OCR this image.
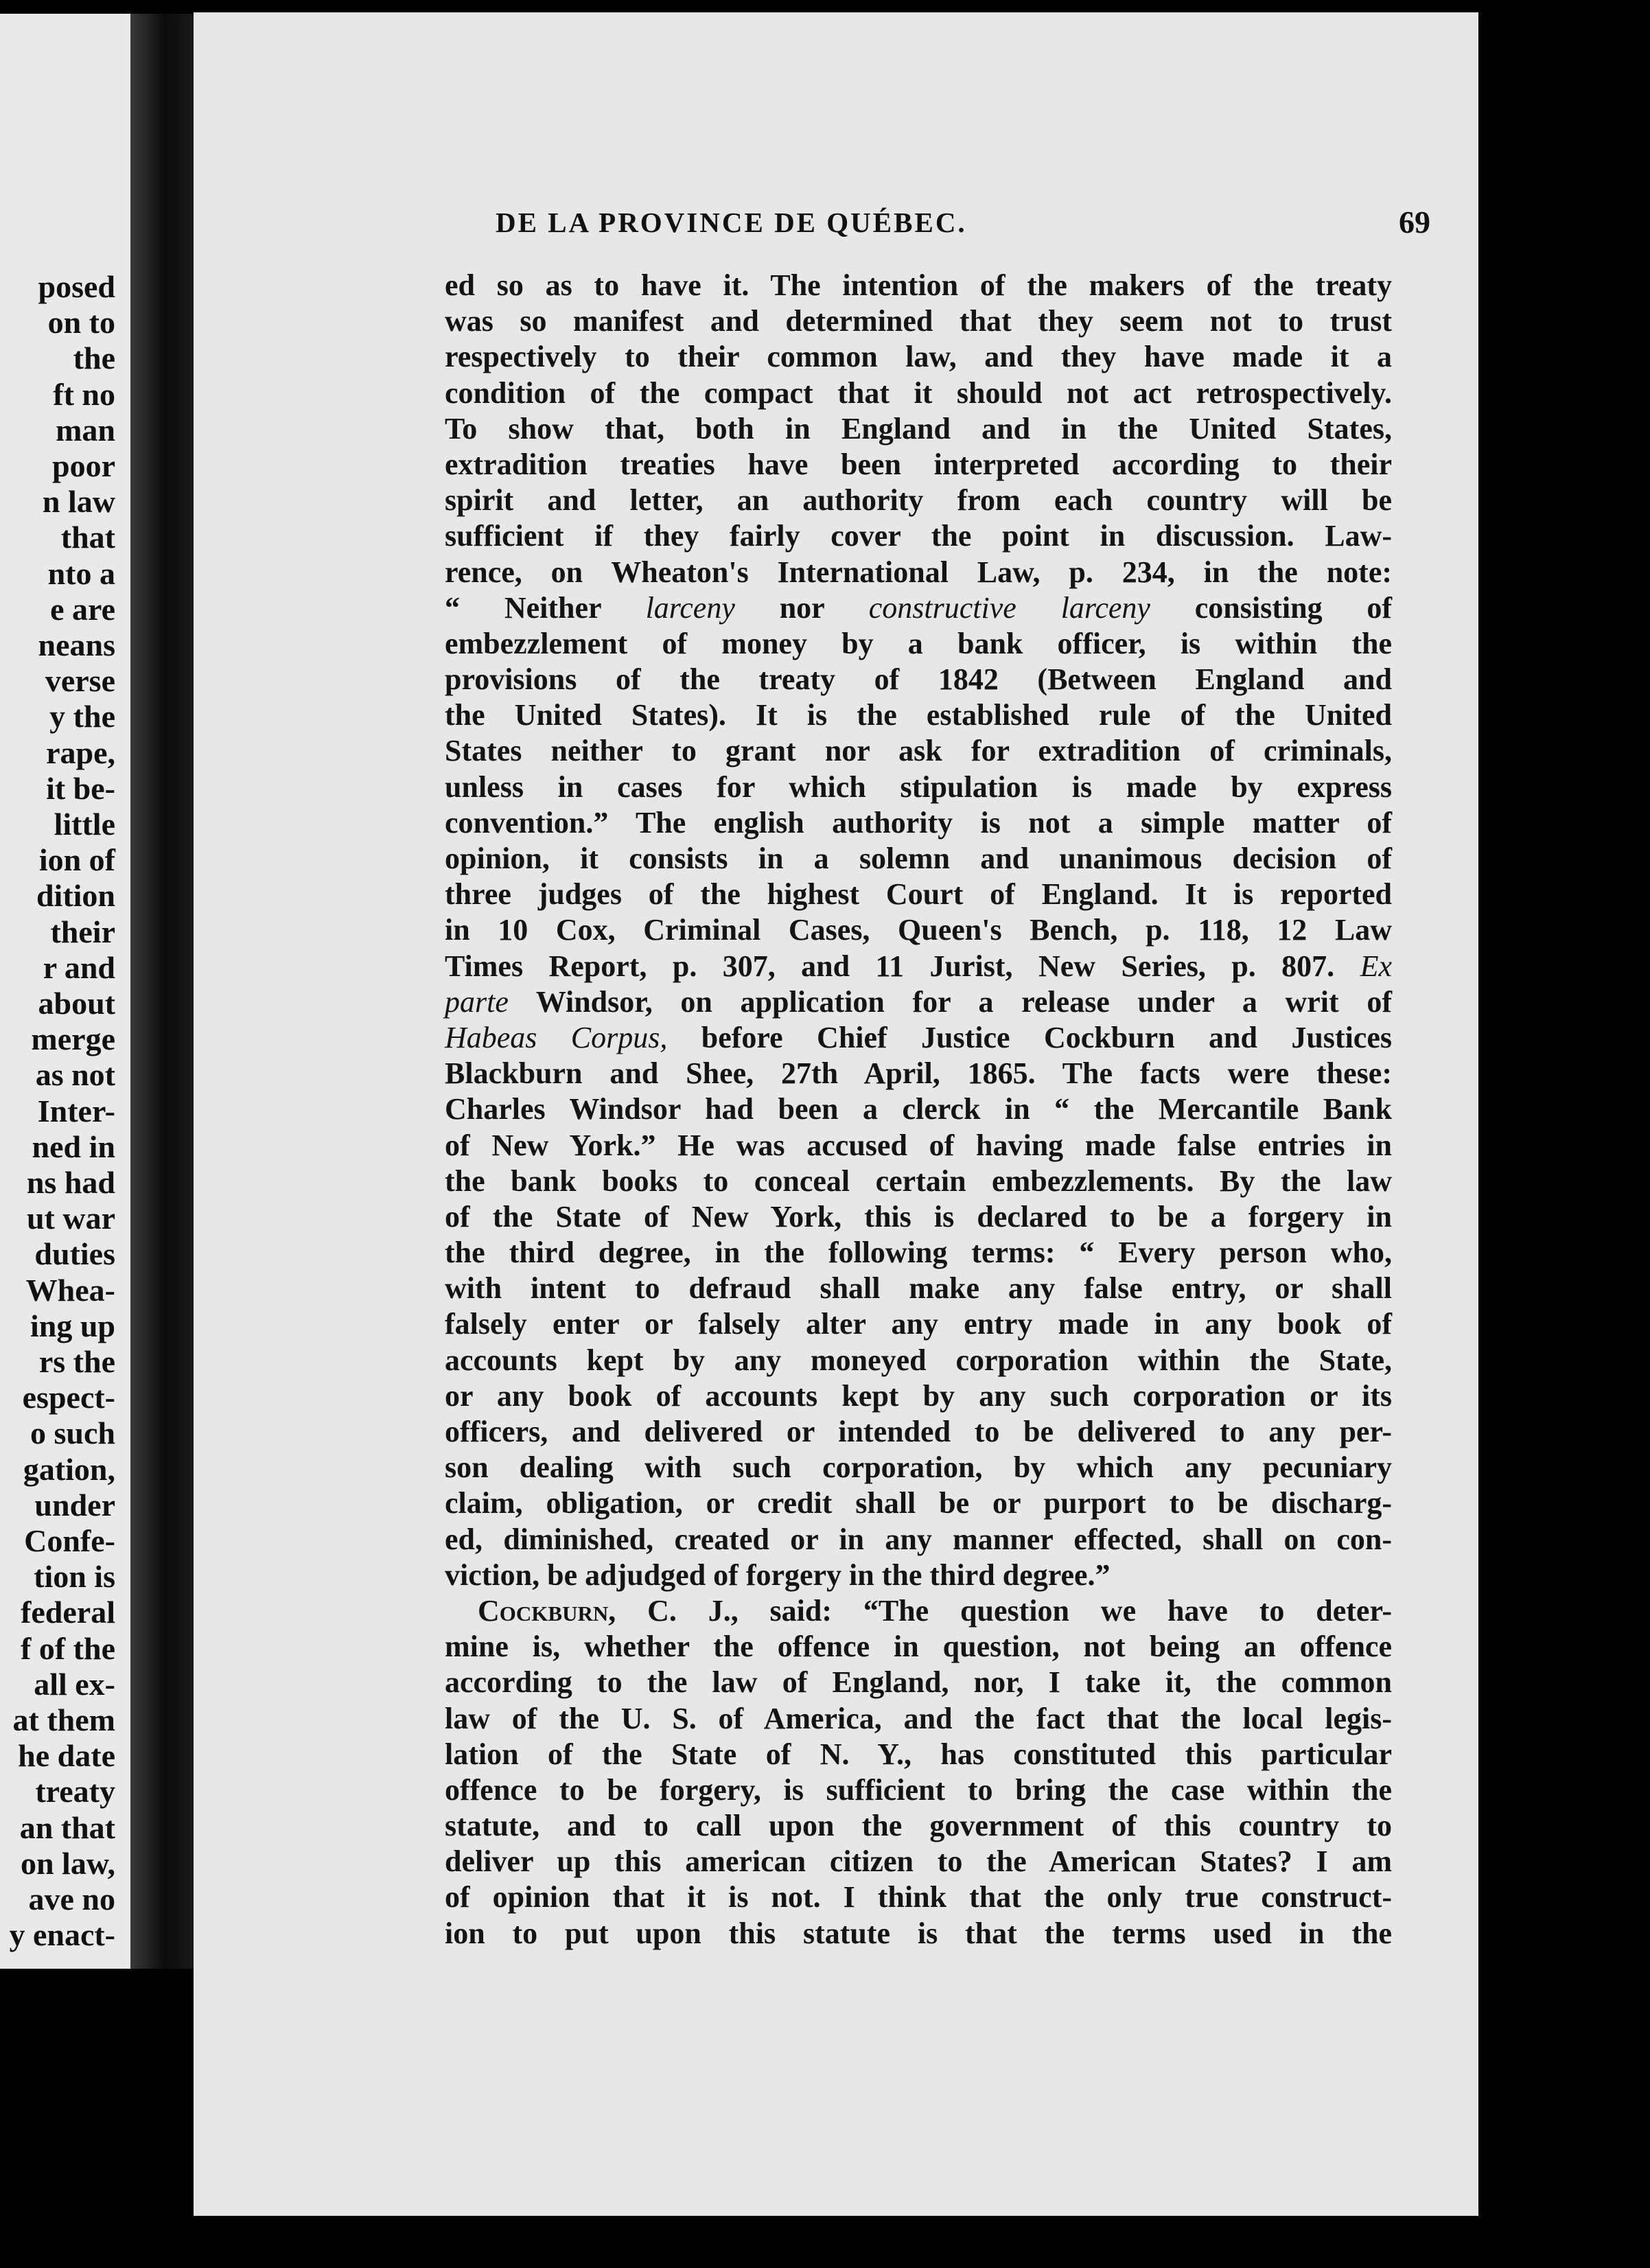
posed

on to

the

ft no

man

poor

n law

that

nto a

e are

neans

verse

y the

rape,

it be-

little

ion of

dition

their

r and

about

merge

as not

Inter-

ned in

ns had

ut war

duties

Whea-

ing up

rs the

espect-

o such

gation,

under

Confe-

tion is

federal

f of the

all ex-

at them

he date

treaty

an that

on law,

ave no

y enact-

DE LA PROVINCE DE QUÉBEC.	69

ed so as to have it. The intention of the makers of the treaty

was so manifest and determined that they seem not to trust

respectively to their common law, and they have made it a

condition of the compact that it should not act retrospectively.

To show that, both in England and in the United States,

extradition treaties have been interpreted according to their

spirit and letter, an authority from each country will be

sufficient if they fairly cover the point in discussion. Law-

rence, on Wheaton's International Law, p. 234, in the note:

“ Neither larceny nor constructive larceny consisting of

embezzlement of money by a bank officer, is within the

provisions of the treaty of 1842 (Between England and

the United States). It is the established rule of the United

States neither to grant nor ask for extradition of criminals,

unless in cases for which stipulation is made by express

convention.” The english authority is not a simple matter of

opinion, it consists in a solemn and unanimous decision of

three judges of the highest Court of England. It is reported

in 10 Cox, Criminal Cases, Queen's Bench, p. 118, 12 Law

Times Report, p. 307, and 11 Jurist, New Series, p. 807. Ex

parte Windsor, on application for a release under a writ of

Habeas Corpus, before Chief Justice Cockburn and Justices

Blackburn and Shee, 27th April, 1865. The facts were these:

Charles Windsor had been a clerck in “ the Mercantile Bank

of New York.” He was accused of having made false entries in

the bank books to conceal certain embezzlements. By the law

of the State of New York, this is declared to be a forgery in

the third degree, in the following terms: “ Every person who,

with intent to defraud shall make any false entry, or shall

falsely enter or falsely alter any entry made in any book of

accounts kept by any moneyed corporation within the State,

or any book of accounts kept by any such corporation or its

officers, and delivered or intended to be delivered to any per-

son dealing with such corporation, by which any pecuniary

claim, obligation, or credit shall be or purport to be discharg-

ed, diminished, created or in any manner effected, shall on con-

viction, be adjudged of forgery in the third degree.”

Cockburn, C. J., said: “The question we have to deter-

mine is, whether the offence in question, not being an offence

according to the law of England, nor, I take it, the common

law of the U. S. of America, and the fact that the local legis-

lation of the State of N. Y., has constituted this particular

offence to be forgery, is sufficient to bring the case within the

statute, and to call upon the government of this country to

deliver up this american citizen to the American States? I am

of opinion that it is not. I think that the only true construct-

ion to put upon this statute is that the terms used in the
